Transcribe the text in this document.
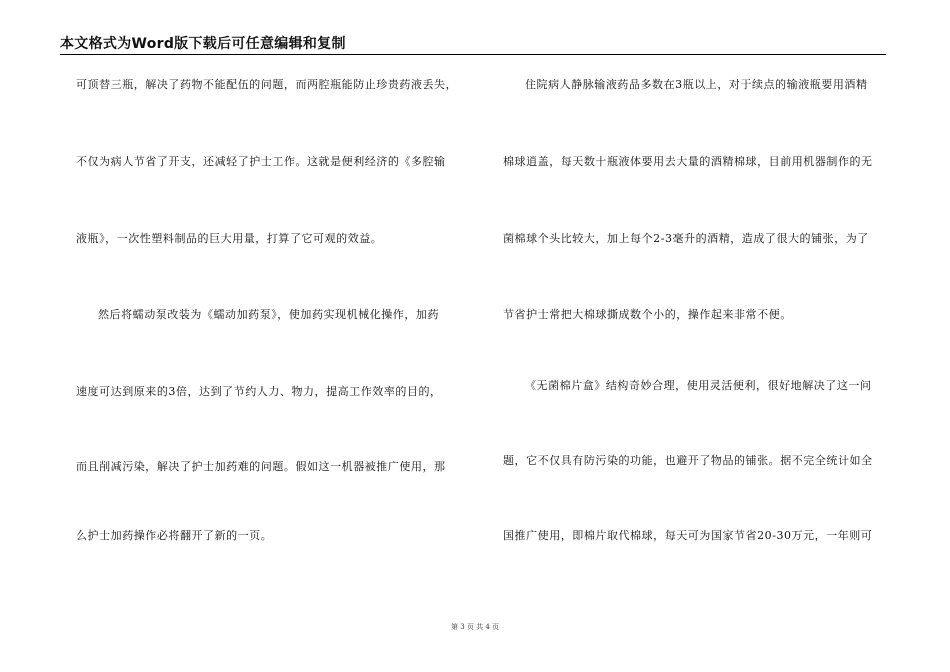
本文格式为Word版下载后可任意编辑和复制
可顶替三瓶，解决了药物不能配伍的问题，而两腔瓶能防止珍贵药液丢失，
不仅为病人节省了开支，还减轻了护士工作。这就是便利经济的《多腔输
液瓶》，一次性塑料制品的巨大用量，打算了它可观的效益。
然后将蠕动泵改装为《蠕动加药泵》，使加药实现机械化操作，加药
速度可达到原来的3倍，达到了节约人力、物力，提高工作效率的目的，
而且削减污染，解决了护士加药难的问题。假如这一机器被推广使用，那
么护士加药操作必将翻开了新的一页。
住院病人静脉输液药品多数在3瓶以上，对于续点的输液瓶要用酒精
棉球逍盖，每天数十瓶液体要用去大量的酒精棉球，目前用机器制作的无
菌棉球个头比较大，加上每个2-3毫升的酒精，造成了很大的铺张，为了
节省护士常把大棉球撕成数个小的，操作起来非常不便。
《无菌棉片盒》结构奇妙合理，使用灵活便利，很好地解决了这一问
题，它不仅具有防污染的功能，也避开了物品的铺张。据不完全统计如全
国推广使用，即棉片取代棉球，每天可为国家节省20-30万元，一年则可
第 3 页 共 4 页
